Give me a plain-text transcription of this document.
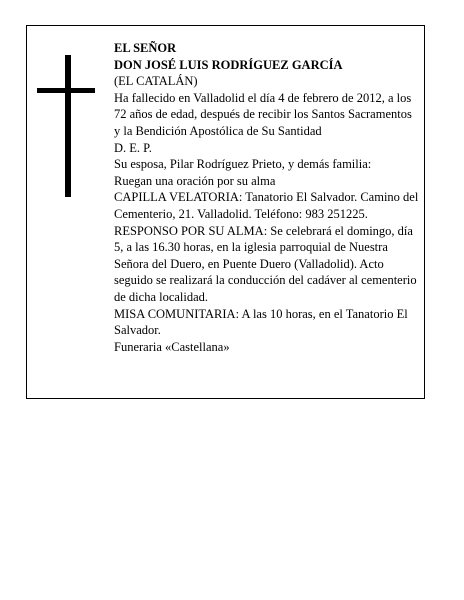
EL SEÑOR

DON JOSÉ LUIS RODRÍGUEZ GARCÍA

(EL CATALÁN)

Ha fallecido en Valladolid el día 4 de febrero de 2012, a los 72 años de edad, después de recibir los Santos Sacramentos y la Bendición Apostólica de Su Santidad

D. E. P.

Su esposa, Pilar Rodríguez Prieto, y demás familia:

Ruegan una oración por su alma

CAPILLA VELATORIA: Tanatorio El Salvador. Camino del Cementerio, 21. Valladolid. Teléfono: 983 251225.

RESPONSO POR SU ALMA: Se celebrará el domingo, día 5, a las 16.30 horas, en la iglesia parroquial de Nuestra Señora del Duero, en Puente Duero (Valladolid). Acto seguido se realizará la conducción del cadáver al cementerio de dicha localidad.

MISA COMUNITARIA: A las 10 horas, en el Tanatorio El Salvador.

Funeraria «Castellana»
